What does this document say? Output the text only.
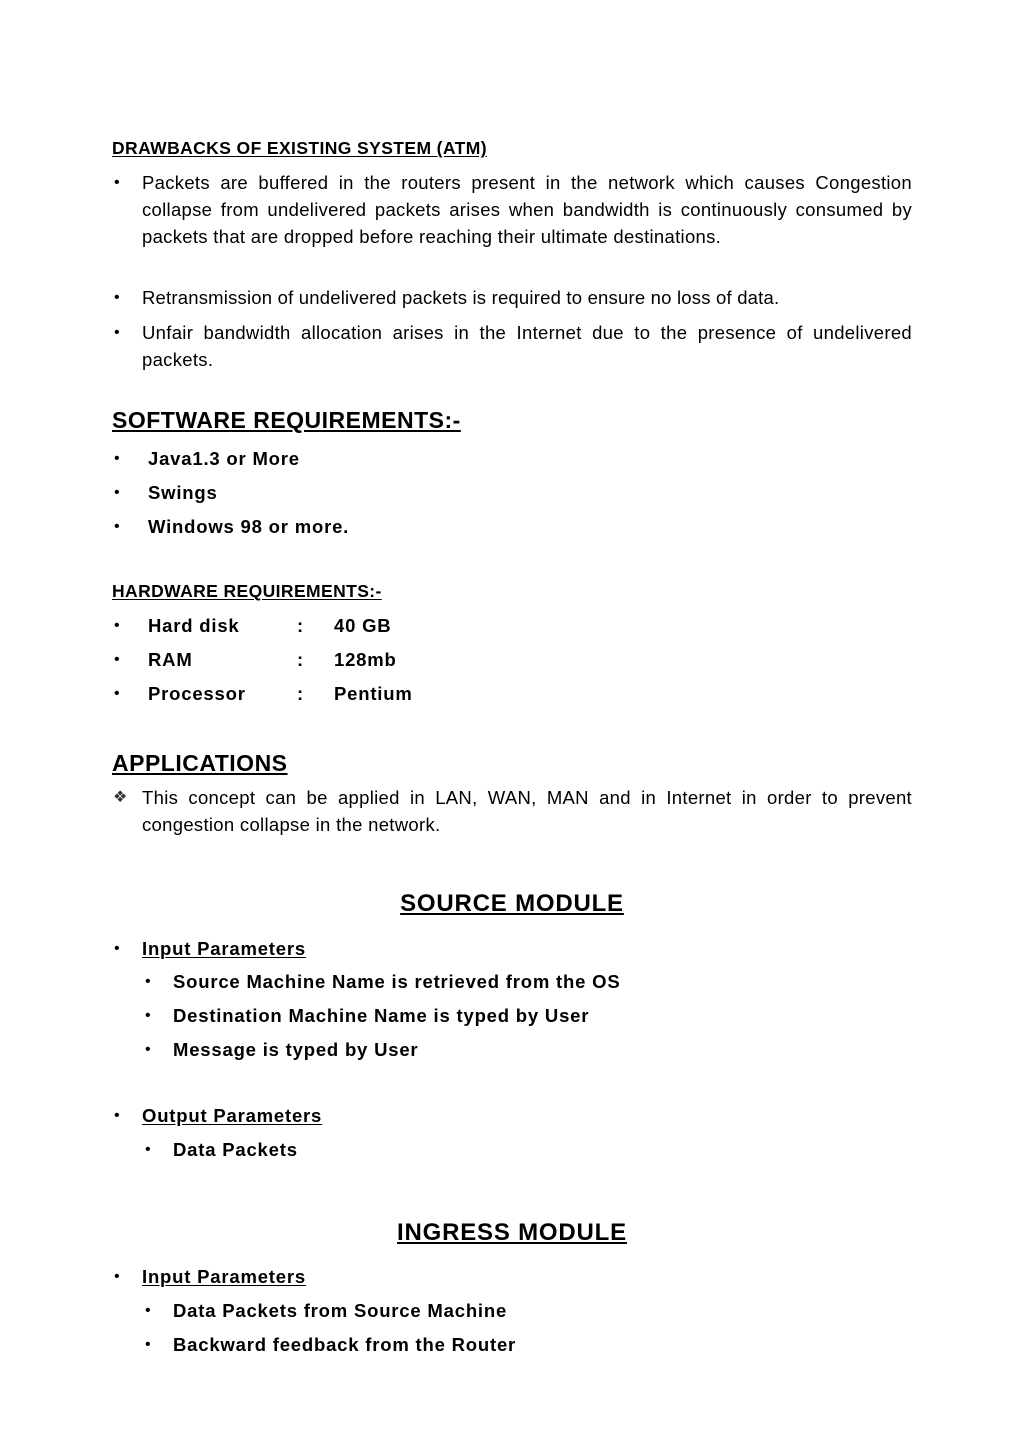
DRAWBACKS OF EXISTING SYSTEM (ATM)
• Packets are buffered in the routers present in the network which causes Congestion collapse from undelivered packets arises when bandwidth is continuously consumed by packets that are dropped before reaching their ultimate destinations.
• Retransmission of undelivered packets is required to ensure no loss of data.
• Unfair bandwidth allocation arises in the Internet due to the presence of undelivered packets.
SOFTWARE REQUIREMENTS:-
• Java1.3 or More
• Swings
• Windows 98 or more.
HARDWARE REQUIREMENTS:-
• Hard disk	: 40 GB
• RAM	: 128mb
• Processor	: Pentium
APPLICATIONS
❖ This concept can be applied in LAN, WAN, MAN and in Internet in order to prevent congestion collapse in the network.
SOURCE MODULE
• Input Parameters
• Source Machine Name is retrieved from the OS
• Destination Machine Name is typed by User
• Message is typed by User
• Output Parameters
• Data Packets
INGRESS MODULE
• Input Parameters
• Data Packets from Source Machine
• Backward feedback from the Router
